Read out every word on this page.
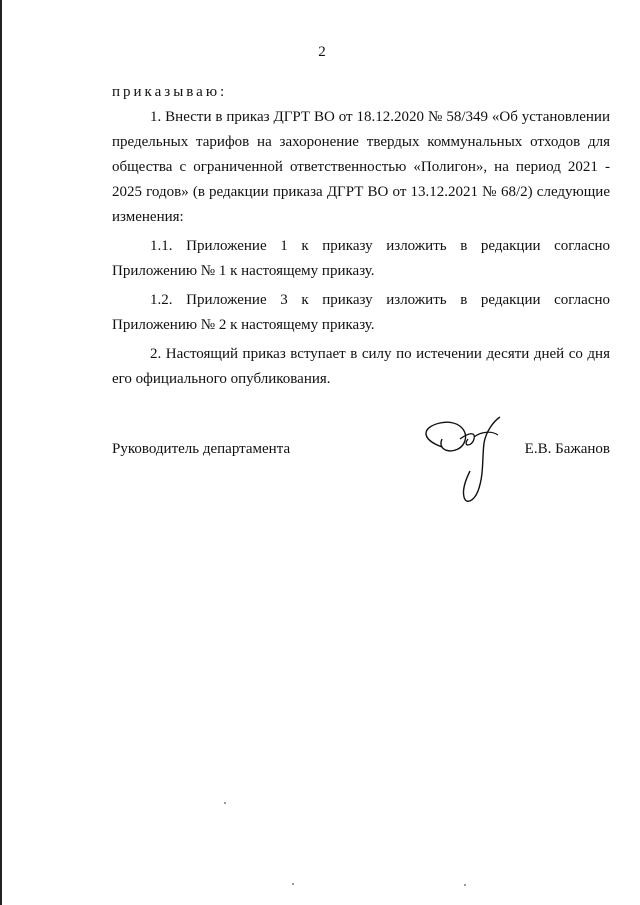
2

приказываю:

1. Внести в приказ ДГРТ ВО от 18.12.2020 № 58/349 «Об установлении предельных тарифов на захоронение твердых коммунальных отходов для общества с ограниченной ответственностью «Полигон», на период 2021 - 2025 годов» (в редакции приказа ДГРТ ВО от 13.12.2021 № 68/2) следующие изменения:

1.1. Приложение 1 к приказу изложить в редакции согласно Приложению № 1 к настоящему приказу.

1.2. Приложение 3 к приказу изложить в редакции согласно Приложению № 2 к настоящему приказу.

2. Настоящий приказ вступает в силу по истечении десяти дней со дня его официального опубликования.

Руководитель департамента	Е.В. Бажанов
